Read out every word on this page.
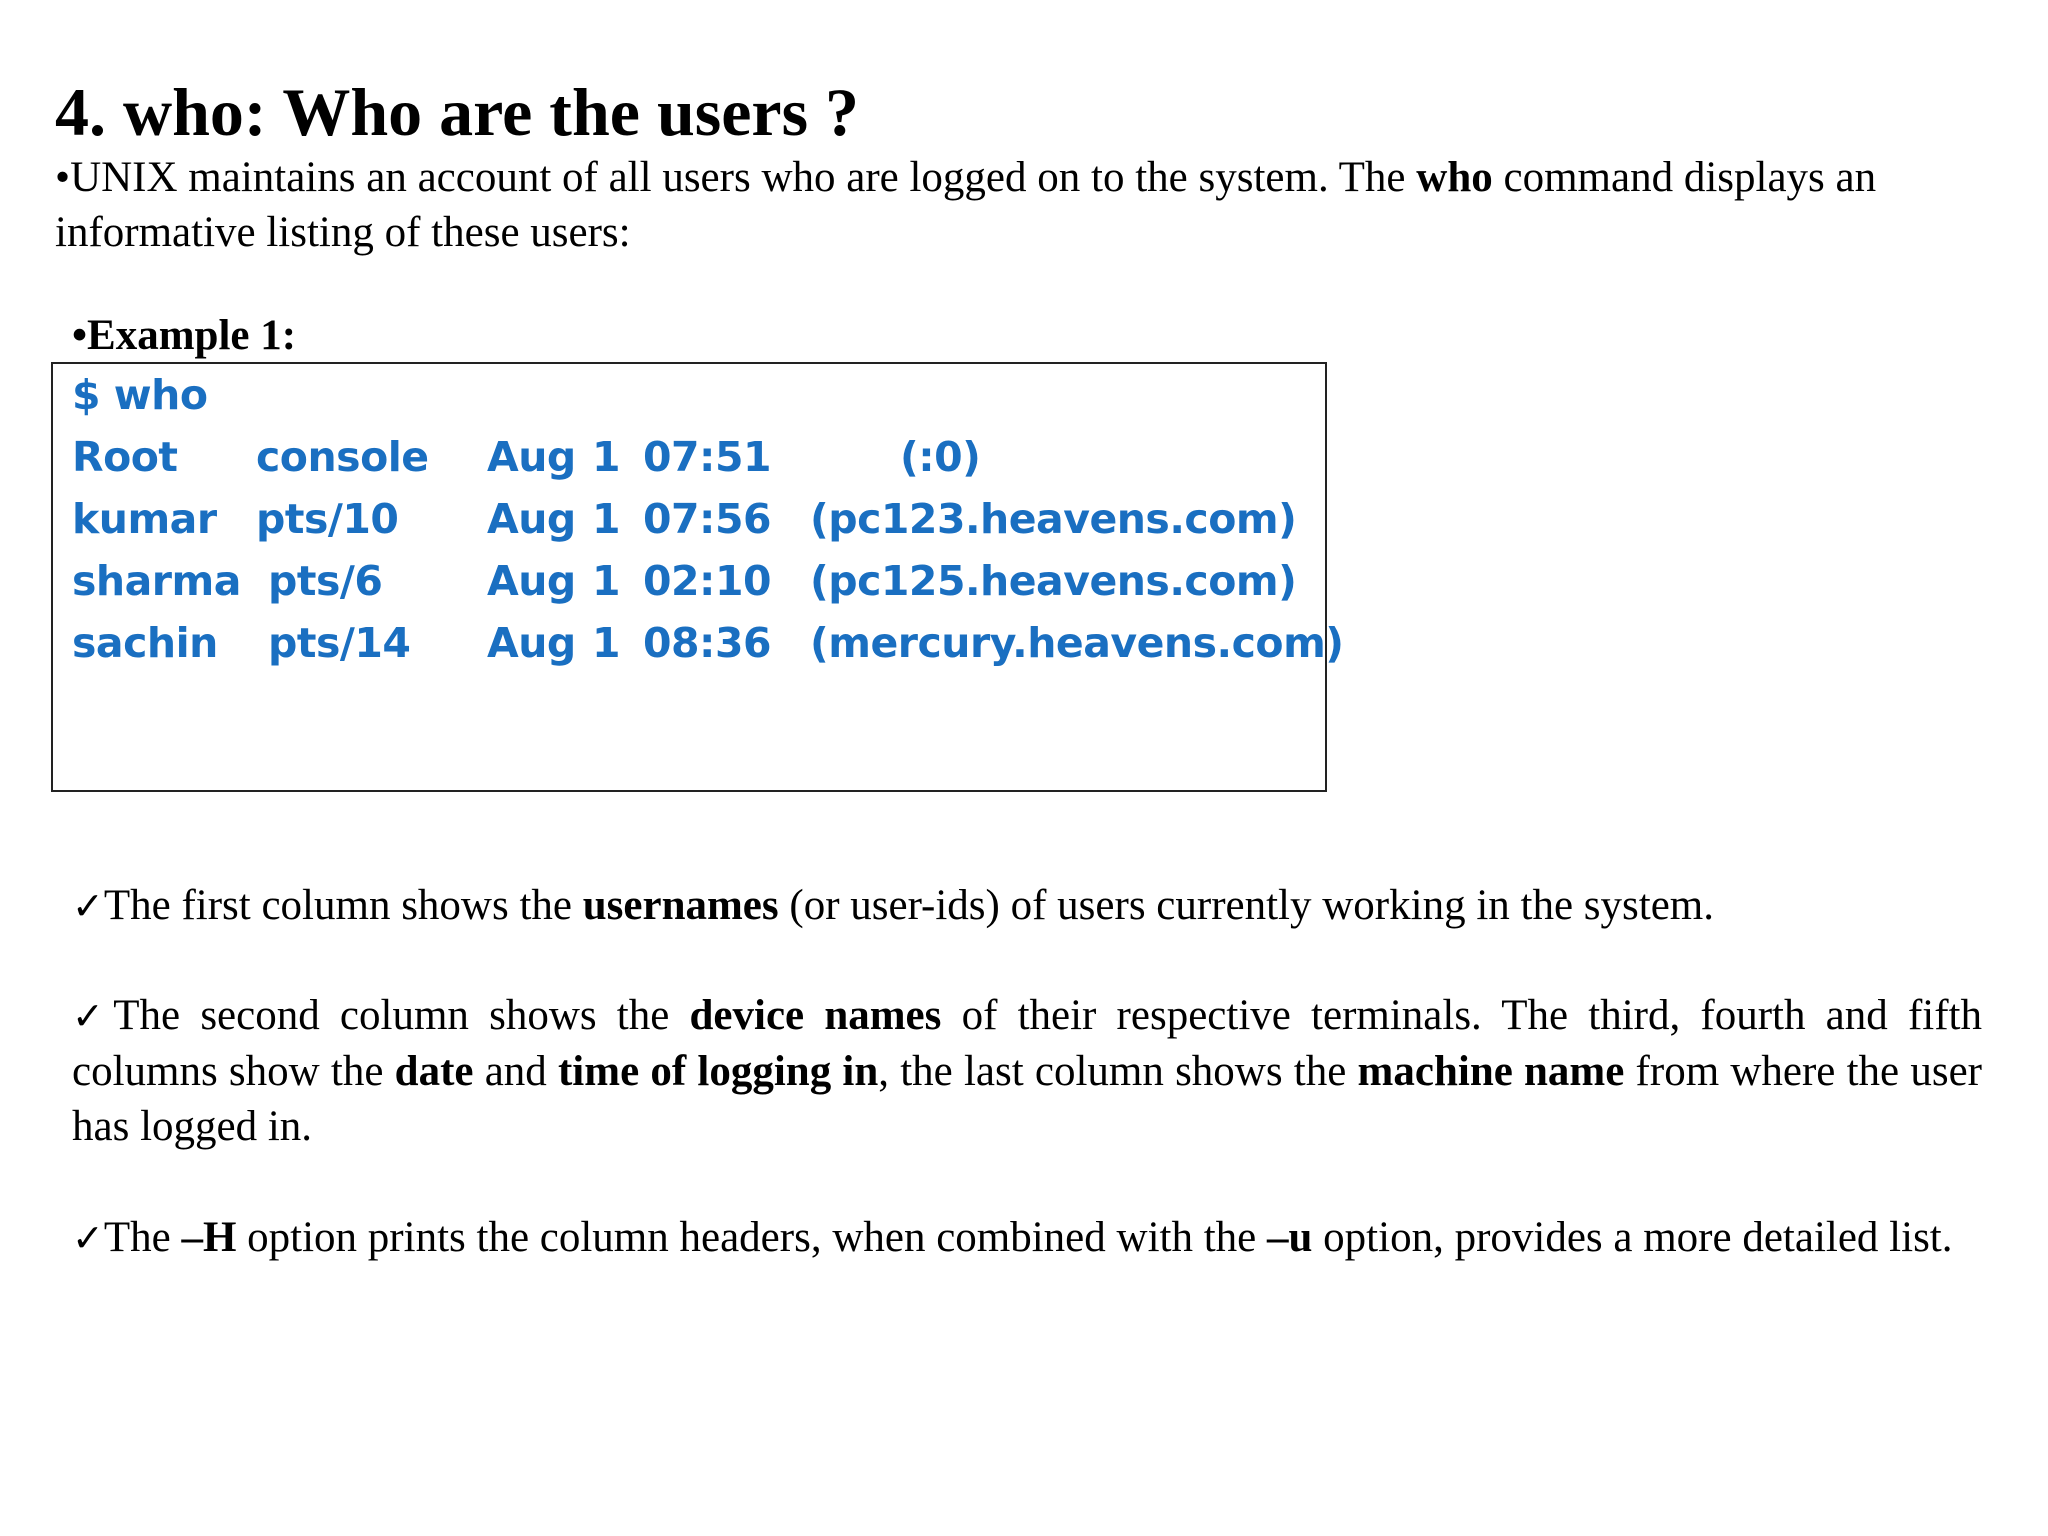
4. who: Who are the users ?
•UNIX maintains an account of all users who are logged on to the system. The who command displays an informative listing of these users:
•Example 1:
$ who
Root console Aug 1 07:51	(:0)
kumar pts/10 Aug 1 07:56 (pc123.heavens.com)
sharma pts/6	Aug 1 02:10 (pc125.heavens.com)
sachin pts/14 Aug 1 08:36 (mercury.heavens.com)
✓The first column shows the usernames (or user-ids) of users currently working in the system.
✓The second column shows the device names of their respective terminals. The third, fourth and fifth columns show the date and time of logging in, the last column shows the machine name from where the user has logged in.
✓The –H option prints the column headers, when combined with the –u option, provides a more detailed list.
